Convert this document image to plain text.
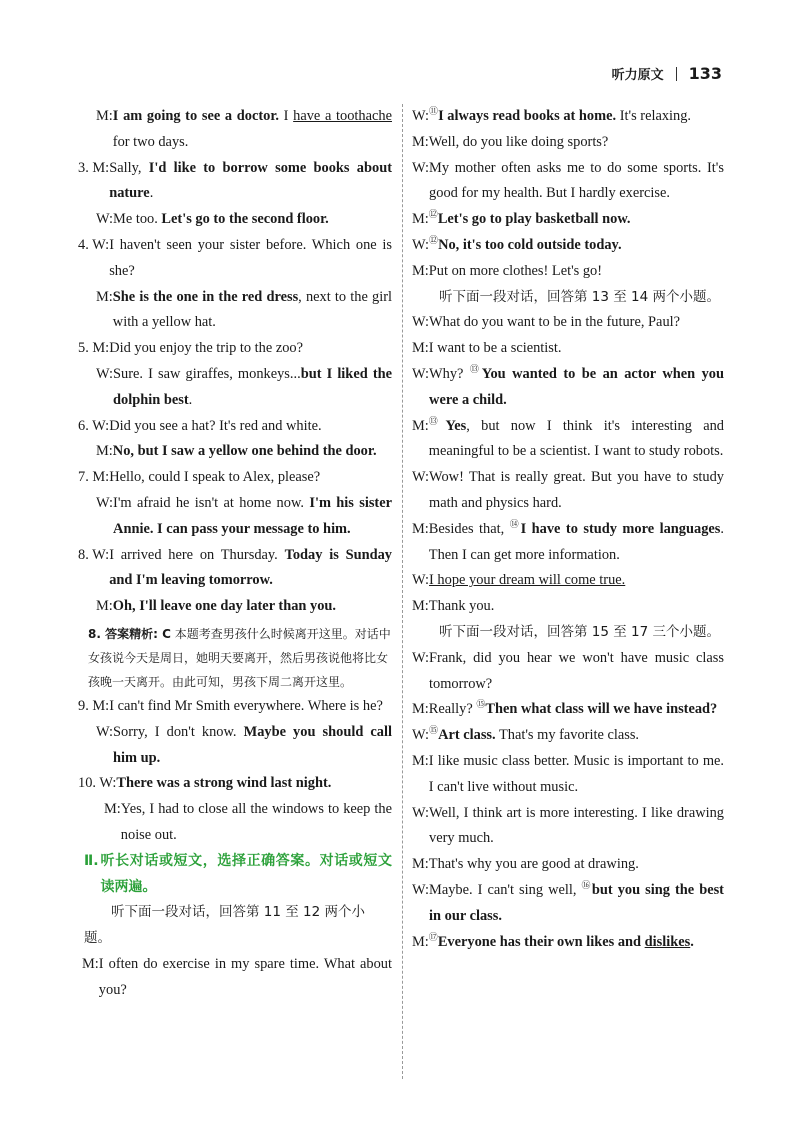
听力原文 133
M: I am going to see a doctor. I have a toothache for two days.
3. M: Sally, I'd like to borrow some books about nature.
W: Me too. Let's go to the second floor.
4. W: I haven't seen your sister before. Which one is she?
M: She is the one in the red dress, next to the girl with a yellow hat.
5. M: Did you enjoy the trip to the zoo?
W: Sure. I saw giraffes, monkeys...but I liked the dolphin best.
6. W: Did you see a hat? It's red and white.
M: No, but I saw a yellow one behind the door.
7. M: Hello, could I speak to Alex, please?
W: I'm afraid he isn't at home now. I'm his sister Annie. I can pass your message to him.
8. W: I arrived here on Thursday. Today is Sunday and I'm leaving tomorrow.
M: Oh, I'll leave one day later than you.
8. 答案精析: C 本题考查男孩什么时候离开这里。对话中女孩说今天是周日，她明天要离开，然后男孩说他将比女孩晚一天离开。由此可知，男孩下周二离开这里。
9. M: I can't find Mr Smith everywhere. Where is he?
W: Sorry, I don't know. Maybe you should call him up.
10. W: There was a strong wind last night.
M: Yes, I had to close all the windows to keep the noise out.
Ⅱ. 听长对话或短文，选择正确答案。对话或短文读两遍。
听下面一段对话，回答第 11 至 12 两个小题。
M: I often do exercise in my spare time. What about you?
W: ⑪I always read books at home. It's relaxing.
M: Well, do you like doing sports?
W: My mother often asks me to do some sports. It's good for my health. But I hardly exercise.
M: ⑫Let's go to play basketball now.
W: ⑫No, it's too cold outside today.
M: Put on more clothes! Let's go!
听下面一段对话，回答第 13 至 14 两个小题。
W: What do you want to be in the future, Paul?
M: I want to be a scientist.
W: Why? ⑬You wanted to be an actor when you were a child.
M: ⑬Yes, but now I think it's interesting and meaningful to be a scientist. I want to study robots.
W: Wow! That is really great. But you have to study math and physics hard.
M: Besides that, ⑭I have to study more languages. Then I can get more information.
W: I hope your dream will come true.
M: Thank you.
听下面一段对话，回答第 15 至 17 三个小题。
W: Frank, did you hear we won't have music class tomorrow?
M: Really? ⑮Then what class will we have instead?
W: ⑮Art class. That's my favorite class.
M: I like music class better. Music is important to me. I can't live without music.
W: Well, I think art is more interesting. I like drawing very much.
M: That's why you are good at drawing.
W: Maybe. I can't sing well, ⑯but you sing the best in our class.
M: ⑰Everyone has their own likes and dislikes.
